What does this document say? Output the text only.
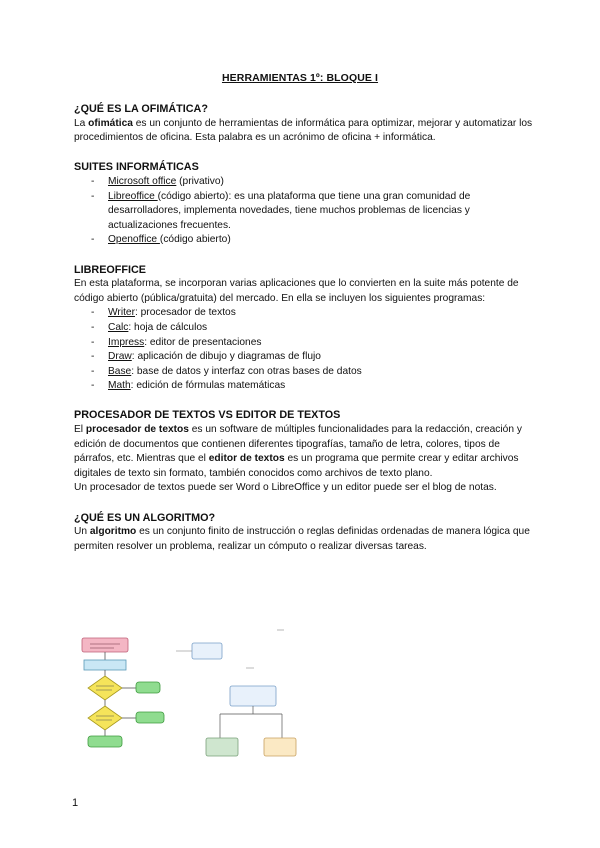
HERRAMIENTAS 1º: BLOQUE I
¿QUÉ ES LA OFIMÁTICA?

La ofimática es un conjunto de herramientas de informática para optimizar, mejorar y automatizar los procedimientos de oficina. Esta palabra es un acrónimo de oficina + informática.

SUITES INFORMÁTICAS
- Microsoft office (privativo)
- Libreoffice (código abierto): es una plataforma que tiene una gran comunidad de desarrolladores, implementa novedades, tiene muchos problemas de licencias y actualizaciones frecuentes.
- Openoffice (código abierto)
LIBREOFFICE

En esta plataforma, se incorporan varias aplicaciones que lo convierten en la suite más potente de código abierto (pública/gratuita) del mercado. En ella se incluyen los siguientes programas:

- Writer: procesador de textos
- Calc: hoja de cálculos
- Impress: editor de presentaciones
- Draw: aplicación de dibujo y diagramas de flujo
- Base: base de datos y interfaz con otras bases de datos
- Math: edición de fórmulas matemáticas
PROCESADOR DE TEXTOS VS EDITOR DE TEXTOS

El procesador de textos es un software de múltiples funcionalidades para la redacción, creación y edición de documentos que contienen diferentes tipografías, tamaño de letra, colores, tipos de párrafos, etc. Mientras que el editor de textos es un programa que permite crear y editar archivos digitales de texto sin formato, también conocidos como archivos de texto plano.

Un procesador de textos puede ser Word o LibreOffice y un editor puede ser el blog de notas.

¿QUÉ ES UN ALGORITMO?

Un algoritmo es un conjunto finito de instrucción o reglas definidas ordenadas de manera lógica que permiten resolver un problema, realizar un cómputo o realizar diversas tareas.

1
